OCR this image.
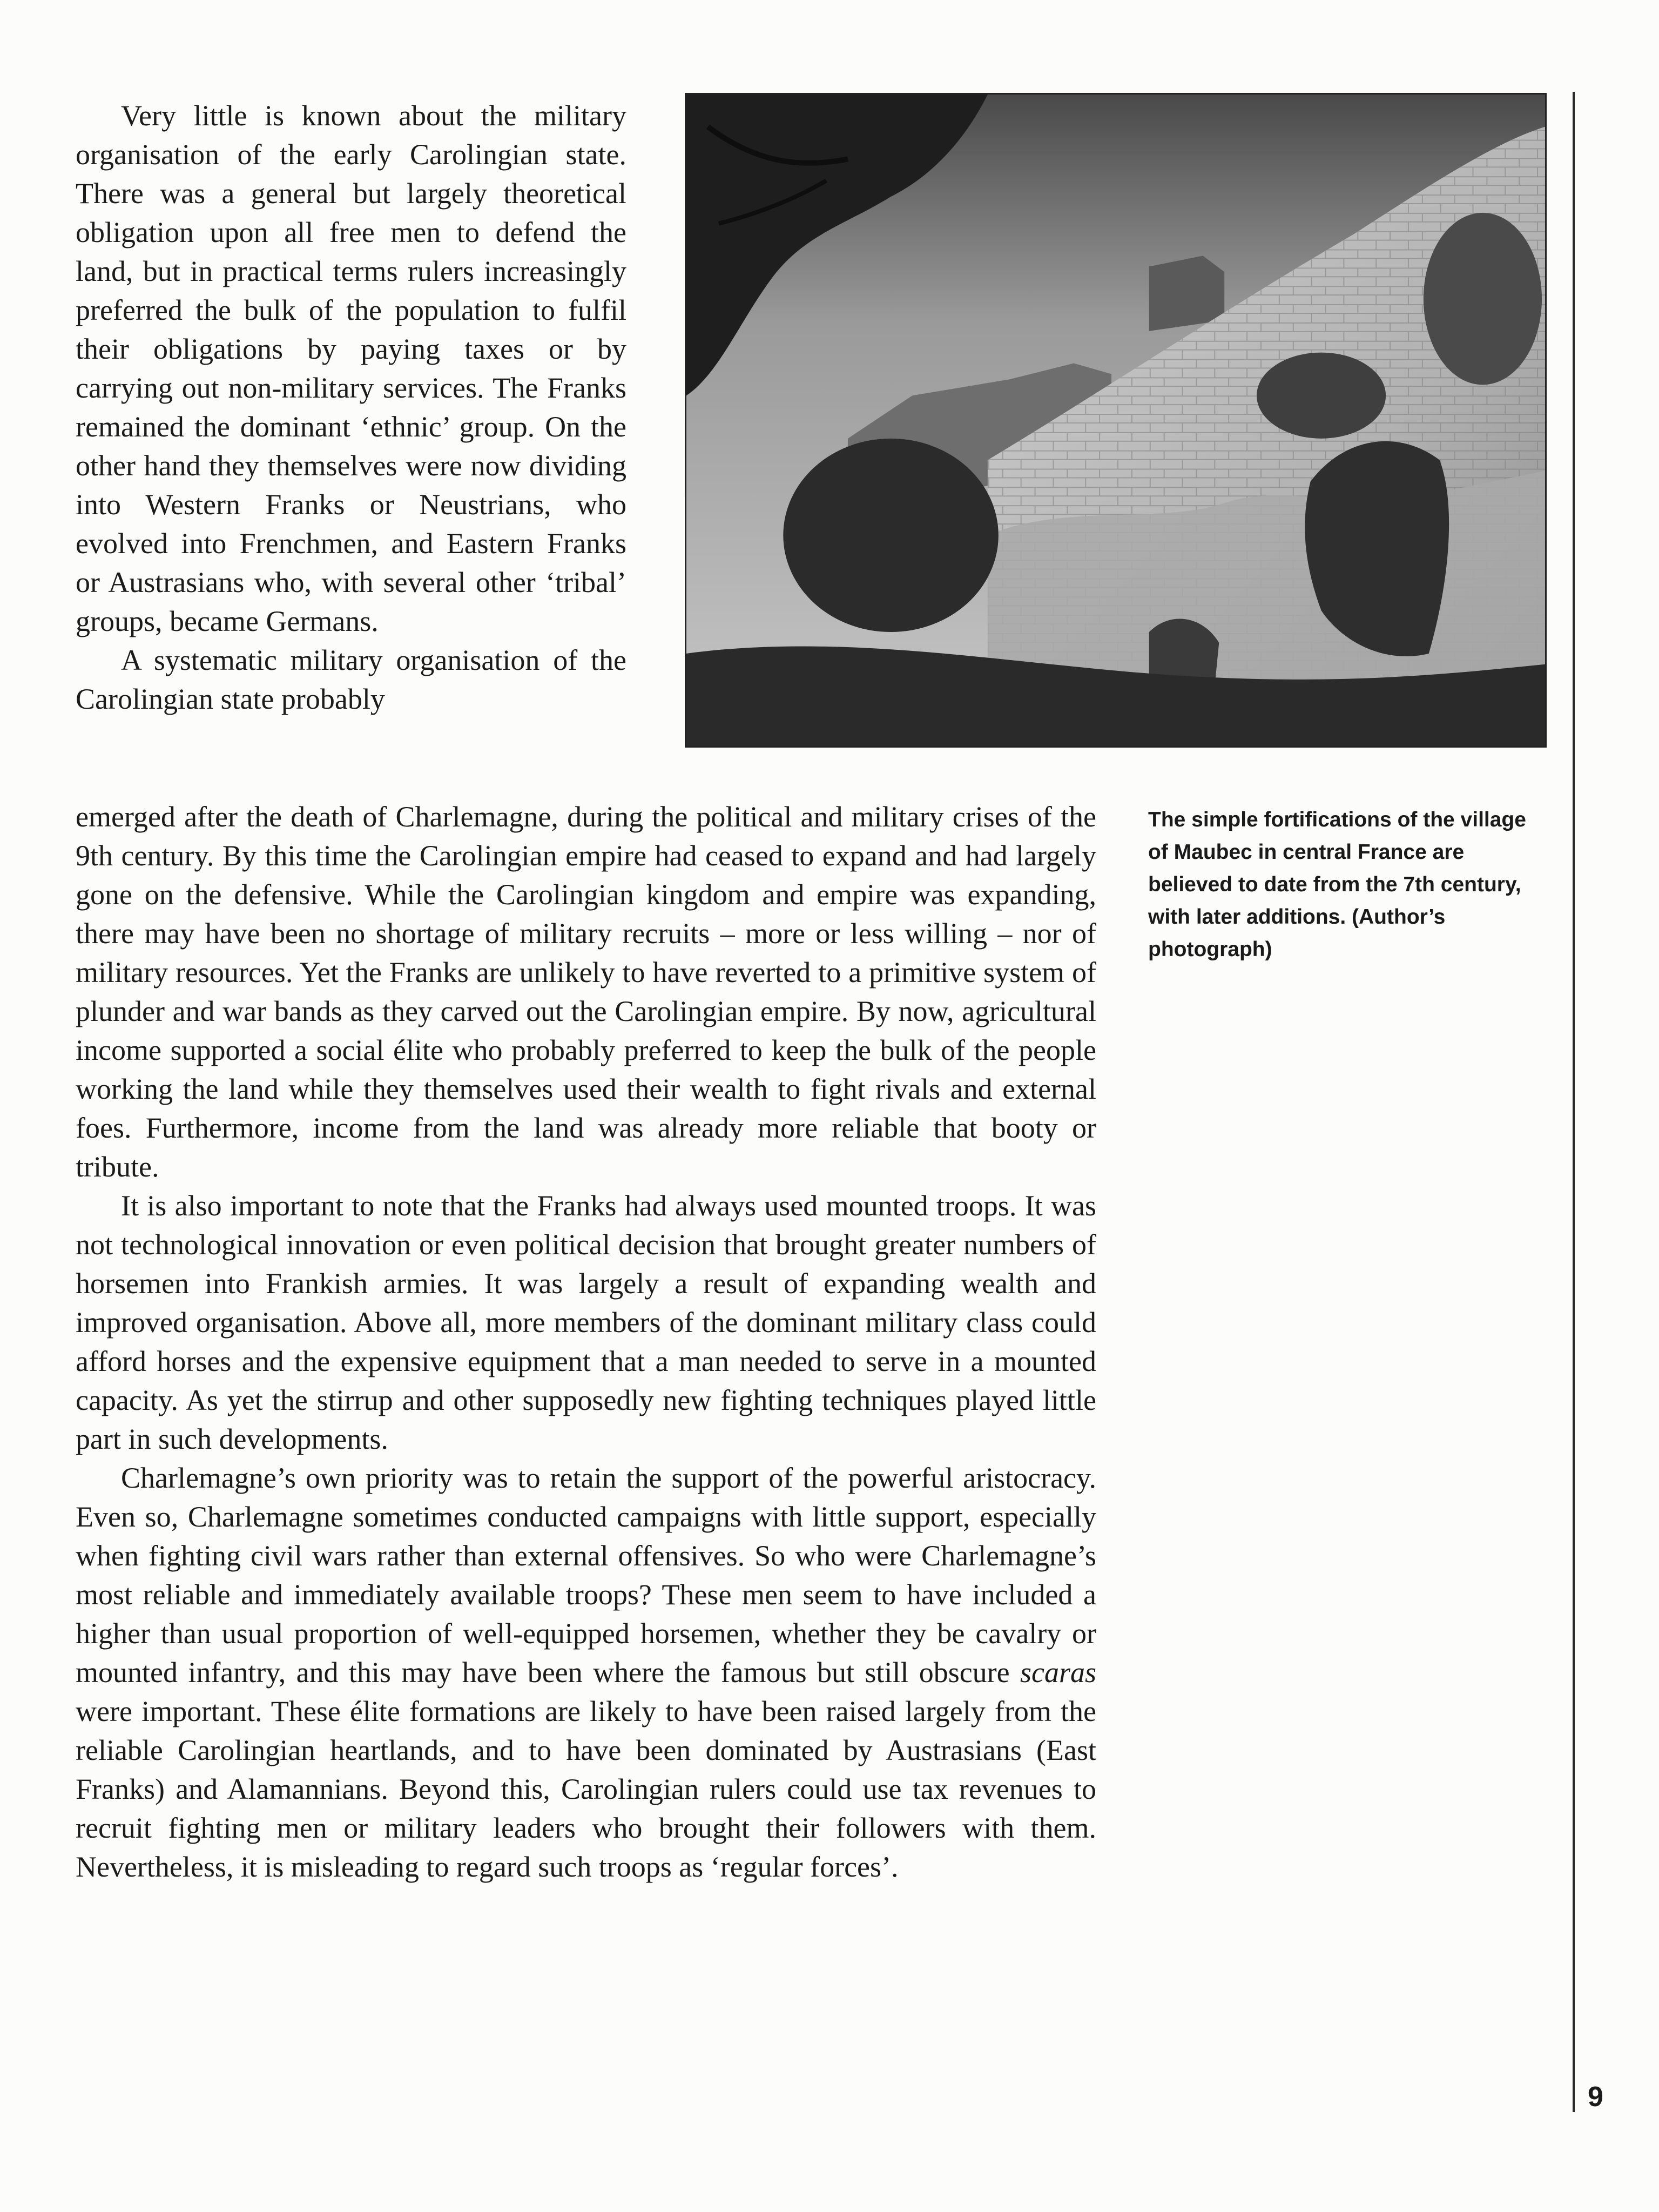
Very little is known about the military organisation of the early Carolingian state. There was a general but largely theoretical obligation upon all free men to defend the land, but in practical terms rulers increasingly preferred the bulk of the population to fulfil their obligations by paying taxes or by carrying out non-military services. The Franks remained the dominant ‘ethnic’ group. On the other hand they themselves were now dividing into Western Franks or Neustrians, who evolved into Frenchmen, and Eastern Franks or Austrasians who, with several other ‘tribal’ groups, became Germans.

A systematic military organisation of the Carolingian state probably

emerged after the death of Charlemagne, during the political and military crises of the 9th century. By this time the Carolingian empire had ceased to expand and had largely gone on the defensive. While the Carolingian kingdom and empire was expanding, there may have been no shortage of military recruits – more or less willing – nor of military resources. Yet the Franks are unlikely to have reverted to a primitive system of plunder and war bands as they carved out the Carolingian empire. By now, agricultural income supported a social élite who probably preferred to keep the bulk of the people working the land while they themselves used their wealth to fight rivals and external foes. Furthermore, income from the land was already more reliable that booty or tribute.

It is also important to note that the Franks had always used mounted troops. It was not technological innovation or even political decision that brought greater numbers of horsemen into Frankish armies. It was largely a result of expanding wealth and improved organisation. Above all, more members of the dominant military class could afford horses and the expensive equipment that a man needed to serve in a mounted capacity. As yet the stirrup and other supposedly new fighting techniques played little part in such developments.

Charlemagne’s own priority was to retain the support of the powerful aristocracy. Even so, Charlemagne sometimes conducted campaigns with little support, especially when fighting civil wars rather than external offensives. So who were Charlemagne’s most reliable and immediately available troops? These men seem to have included a higher than usual proportion of well-equipped horsemen, whether they be cavalry or mounted infantry, and this may have been where the famous but still obscure scaras were important. These élite formations are likely to have been raised largely from the reliable Carolingian heartlands, and to have been dominated by Austrasians (East Franks) and Alamannians. Beyond this, Carolingian rulers could use tax revenues to recruit fighting men or military leaders who brought their followers with them. Nevertheless, it is misleading to regard such troops as ‘regular forces’.

The simple fortifications of the village of Maubec in central France are believed to date from the 7th century, with later additions. (Author’s photograph)
9
